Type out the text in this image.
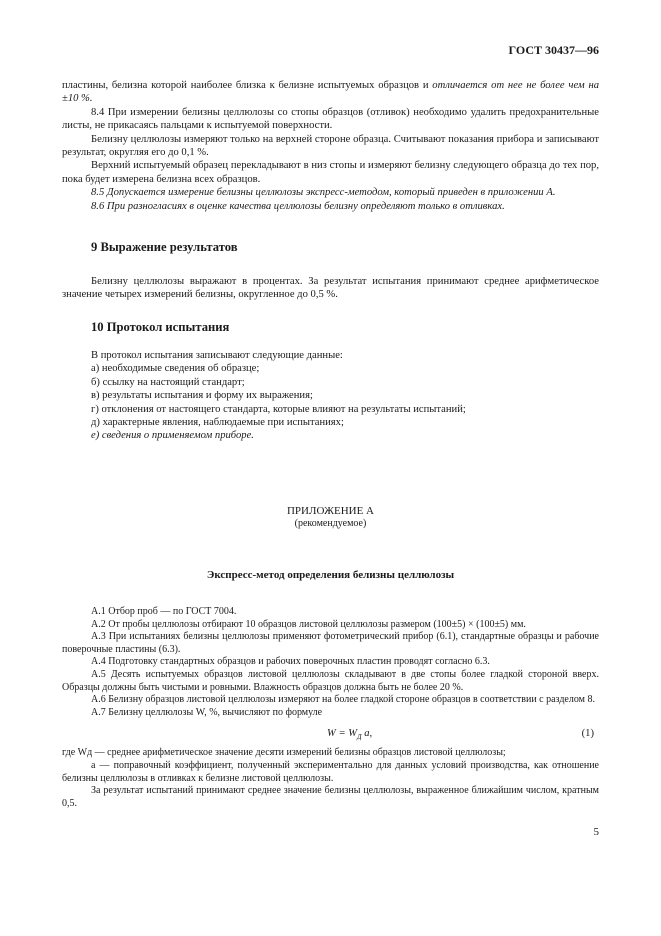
ГОСТ 30437—96

пластины, белизна которой наиболее близка к белизне испытуемых образцов и отличается от нее не более чем на ±10 %.

8.4 При измерении белизны целлюлозы со стопы образцов (отливок) необходимо удалить предохранительные листы, не прикасаясь пальцами к испытуемой поверхности.

Белизну целлюлозы измеряют только на верхней стороне образца. Считывают показания прибора и записывают результат, округляя его до 0,1 %.

Верхний испытуемый образец перекладывают в низ стопы и измеряют белизну следующего образца до тех пор, пока будет измерена белизна всех образцов.

8.5 Допускается измерение белизны целлюлозы экспресс-методом, который приведен в приложении А.

8.6 При разногласиях в оценке качества целлюлозы белизну определяют только в отливках.

9 Выражение результатов

Белизну целлюлозы выражают в процентах. За результат испытания принимают среднее арифметическое значение четырех измерений белизны, округленное до 0,5 %.

10 Протокол испытания

В протокол испытания записывают следующие данные:

а) необходимые сведения об образце;

б) ссылку на настоящий стандарт;

в) результаты испытания и форму их выражения;

г) отклонения от настоящего стандарта, которые влияют на результаты испытаний;

д) характерные явления, наблюдаемые при испытаниях;

е) сведения о применяемом приборе.

ПРИЛОЖЕНИЕ А
(рекомендуемое)
Экспресс-метод определения белизны целлюлозы

А.1 Отбор проб — по ГОСТ 7004.

А.2 От пробы целлюлозы отбирают 10 образцов листовой целлюлозы размером (100±5) × (100±5) мм.

А.3 При испытаниях белизны целлюлозы применяют фотометрический прибор (6.1), стандартные образцы и рабочие поверочные пластины (6.3).

А.4 Подготовку стандартных образцов и рабочих поверочных пластин проводят согласно 6.3.

А.5 Десять испытуемых образцов листовой целлюлозы складывают в две стопы более гладкой стороной вверх. Образцы должны быть чистыми и ровными. Влажность образцов должна быть не более 20 %.

А.6 Белизну образцов листовой целлюлозы измеряют на более гладкой стороне образцов в соответствии с разделом 8.

А.7 Белизну целлюлозы W, %, вычисляют по формуле

$W = W_Д$ a,	(1)

где Wд — среднее арифметическое значение десяти измерений белизны образцов листовой целлюлозы;

a — поправочный коэффициент, полученный экспериментально для данных условий производства, как отношение белизны целлюлозы в отливках к белизне листовой целлюлозы.

За результат испытаний принимают среднее значение белизны целлюлозы, выраженное ближайшим числом, кратным 0,5.

5
